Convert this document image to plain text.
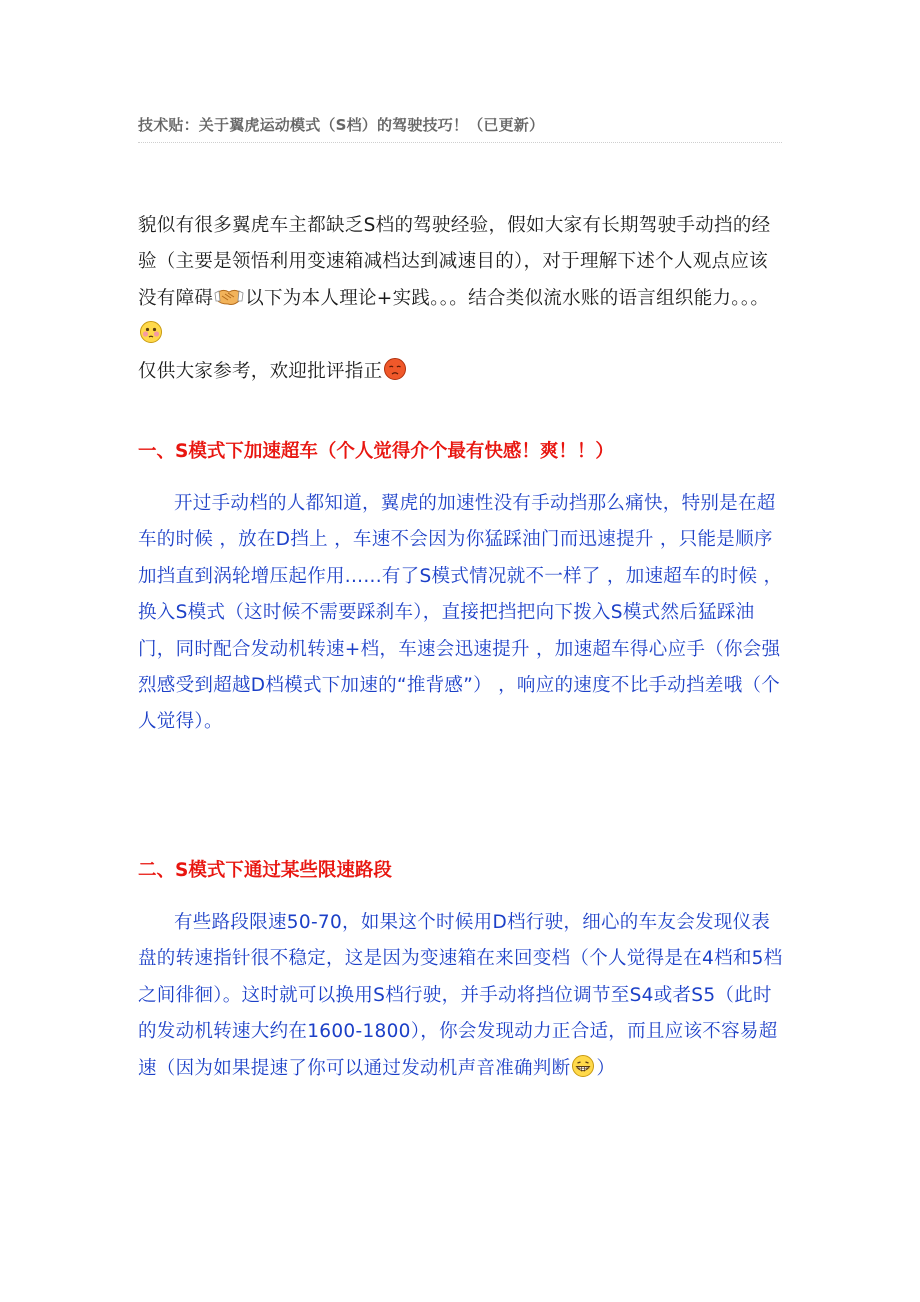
技术贴：关于翼虎运动模式（S档）的驾驶技巧！（已更新）

貌似有很多翼虎车主都缺乏S档的驾驶经验，假如大家有长期驾驶手动挡的经验（主要是领悟利用变速箱减档达到减速目的），对于理解下述个人观点应该没有障碍 以下为本人理论+实践。。。结合类似流水账的语言组织能力。。。

仅供大家参考，欢迎批评指正

一、S模式下加速超车（个人觉得介个最有快感！爽！！）

开过手动档的人都知道，翼虎的加速性没有手动挡那么痛快，特别是在超车的时候 ，放在D挡上 ，车速不会因为你猛踩油门而迅速提升 ，只能是顺序加挡直到涡轮增压起作用......有了S模式情况就不一样了 ，加速超车的时候 ，换入S模式（这时候不需要踩刹车），直接把挡把向下拨入S模式然后猛踩油门，同时配合发动机转速+档，车速会迅速提升 ，加速超车得心应手（你会强烈感受到超越D档模式下加速的“推背感”） ，响应的速度不比手动挡差哦（个人觉得）。

二、S模式下通过某些限速路段

有些路段限速50-70，如果这个时候用D档行驶，细心的车友会发现仪表盘的转速指针很不稳定，这是因为变速箱在来回变档（个人觉得是在4档和5档之间徘徊）。这时就可以换用S档行驶，并手动将挡位调节至S4或者S5（此时的发动机转速大约在1600-1800），你会发现动力正合适，而且应该不容易超速（因为如果提速了你可以通过发动机声音准确判断 ）
